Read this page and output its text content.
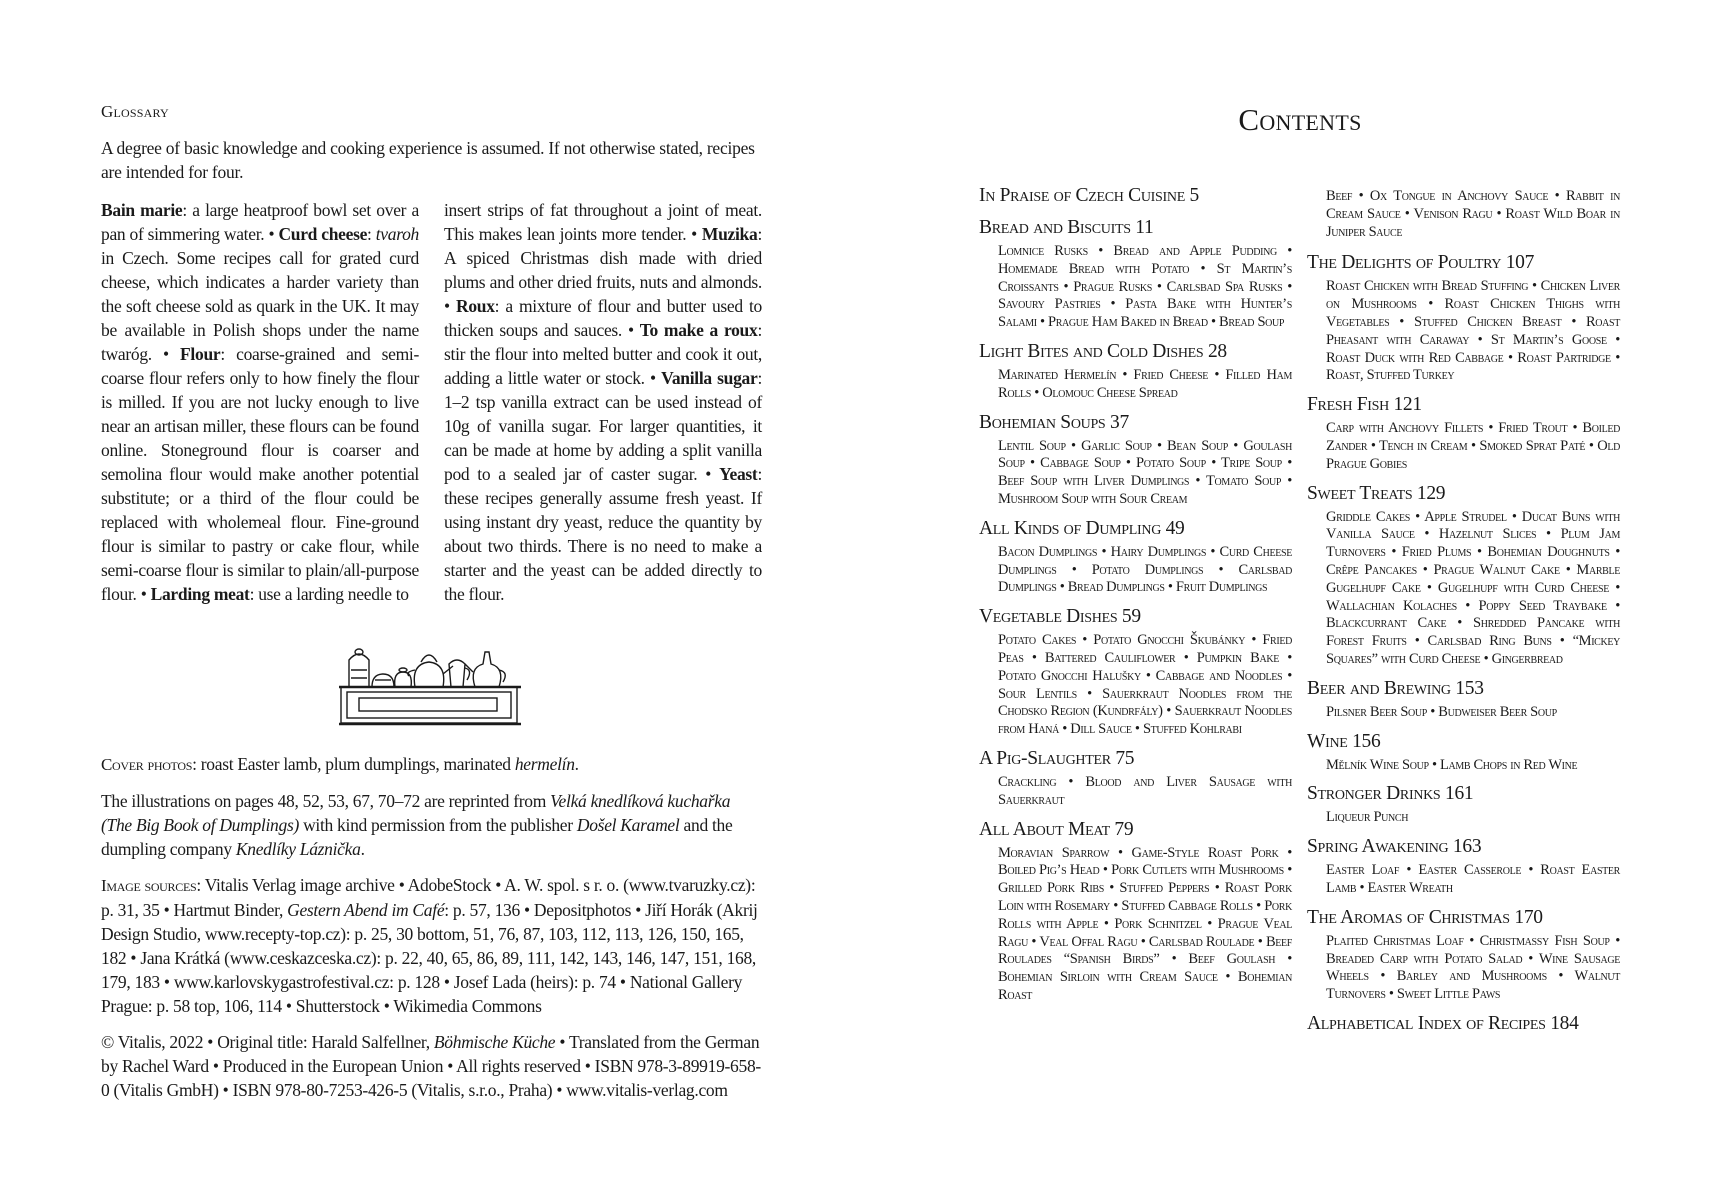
Glossary

A degree of basic knowledge and cooking experience is assumed. If not otherwise stated, recipes are intended for four.

Bain marie: a large heatproof bowl set over a pan of simmering water. • Curd cheese: tvaroh in Czech. Some recipes call for grated curd cheese, which indicates a harder variety than the soft cheese sold as quark in the UK. It may be available in Polish shops under the name twaróg. • Flour: coarse-grained and semi-coarse flour refers only to how finely the flour is milled. If you are not lucky enough to live near an artisan miller, these flours can be found online. Stoneground flour is coarser and semolina flour would make another potential substitute; or a third of the flour could be replaced with wholemeal flour. Fine-ground flour is similar to pastry or cake flour, while semi-coarse flour is similar to plain/all-purpose flour. • Larding meat: use a larding needle to
insert strips of fat throughout a joint of meat. This makes lean joints more tender. • Muzika: A spiced Christmas dish made with dried plums and other dried fruits, nuts and almonds. • Roux: a mixture of flour and butter used to thicken soups and sauces. • To make a roux: stir the flour into melted butter and cook it out, adding a little water or stock. • Vanilla sugar: 1–2 tsp vanilla extract can be used instead of 10g of vanilla sugar. For larger quantities, it can be made at home by adding a split vanilla pod to a sealed jar of caster sugar. • Yeast: these recipes generally assume fresh yeast. If using instant dry yeast, reduce the quantity by about two thirds. There is no need to make a starter and the yeast can be added directly to the flour.

Cover photos: roast Easter lamb, plum dumplings, marinated hermelín.

The illustrations on pages 48, 52, 53, 67, 70–72 are reprinted from Velká knedlíková kuchařka (The Big Book of Dumplings) with kind permission from the publisher Došel Karamel and the dumpling company Knedlíky Láznička.

Image sources: Vitalis Verlag image archive • AdobeStock • A. W. spol. s r. o. (www.tvaruzky.cz): p. 31, 35 • Hartmut Binder, Gestern Abend im Café: p. 57, 136 • Depositphotos • Jiří Horák (Akrij Design Studio, www.recepty-top.cz): p. 25, 30 bottom, 51, 76, 87, 103, 112, 113, 126, 150, 165, 182 • Jana Krátká (www.ceskazceska.cz): p. 22, 40, 65, 86, 89, 111, 142, 143, 146, 147, 151, 168, 179, 183 • www.karlovskygastrofestival.cz: p. 128 • Josef Lada (heirs): p. 74 • National Gallery Prague: p. 58 top, 106, 114 • Shutterstock • Wikimedia Commons

© Vitalis, 2022 • Original title: Harald Salfellner, Böhmische Küche • Translated from the German by Rachel Ward • Produced in the European Union • All rights reserved • ISBN 978-3-89919-658-0 (Vitalis GmbH) • ISBN 978-80-7253-426-5 (Vitalis, s.r.o., Praha) • www.vitalis-verlag.com

Contents
In Praise of Czech Cuisine 5
Bread and Biscuits 11
Lomnice Rusks • Bread and Apple Pudding • Homemade Bread with Potato • St Martin’s Croissants • Prague Rusks • Carlsbad Spa Rusks • Savoury Pastries • Pasta Bake with Hunter’s Salami • Prague Ham Baked in Bread • Bread Soup
Light Bites and Cold Dishes 28
Marinated Hermelín • Fried Cheese • Filled Ham Rolls • Olomouc Cheese Spread
Bohemian Soups 37
Lentil Soup • Garlic Soup • Bean Soup • Goulash Soup • Cabbage Soup • Potato Soup • Tripe Soup • Beef Soup with Liver Dumplings • Tomato Soup • Mushroom Soup with Sour Cream
All Kinds of Dumpling 49
Bacon Dumplings • Hairy Dumplings • Curd Cheese Dumplings • Potato Dumplings • Carlsbad Dumplings • Bread Dumplings • Fruit Dumplings
Vegetable Dishes 59
Potato Cakes • Potato Gnocchi Škubánky • Fried Peas • Battered Cauliflower • Pumpkin Bake • Potato Gnocchi Halušky • Cabbage and Noodles • Sour Lentils • Sauerkraut Noodles from the Chodsko Region (Kundrfály) • Sauerkraut Noodles from Haná • Dill Sauce • Stuffed Kohlrabi
A Pig-Slaughter 75
Crackling • Blood and Liver Sausage with Sauerkraut
All About Meat 79
Moravian Sparrow • Game-Style Roast Pork • Boiled Pig’s Head • Pork Cutlets with Mushrooms • Grilled Pork Ribs • Stuffed Peppers • Roast Pork Loin with Rosemary • Stuffed Cabbage Rolls • Pork Rolls with Apple • Pork Schnitzel • Prague Veal Ragu • Veal Offal Ragu • Carlsbad Roulade • Beef Roulades “Spanish Birds” • Beef Goulash • Bohemian Sirloin with Cream Sauce • Bohemian Roast
Beef • Ox Tongue in Anchovy Sauce • Rabbit in Cream Sauce • Venison Ragu • Roast Wild Boar in Juniper Sauce
The Delights of Poultry 107
Roast Chicken with Bread Stuffing • Chicken Liver on Mushrooms • Roast Chicken Thighs with Vegetables • Stuffed Chicken Breast • Roast Pheasant with Caraway • St Martin’s Goose • Roast Duck with Red Cabbage • Roast Partridge • Roast, Stuffed Turkey
Fresh Fish 121
Carp with Anchovy Fillets • Fried Trout • Boiled Zander • Tench in Cream • Smoked Sprat Paté • Old Prague Gobies
Sweet Treats 129
Griddle Cakes • Apple Strudel • Ducat Buns with Vanilla Sauce • Hazelnut Slices • Plum Jam Turnovers • Fried Plums • Bohemian Doughnuts • Crêpe Pancakes • Prague Walnut Cake • Marble Gugelhupf Cake • Gugelhupf with Curd Cheese • Wallachian Kolaches • Poppy Seed Traybake • Blackcurrant Cake • Shredded Pancake with Forest Fruits • Carlsbad Ring Buns • “Mickey Squares” with Curd Cheese • Gingerbread
Beer and Brewing 153
Pilsner Beer Soup • Budweiser Beer Soup
Wine 156
Mělník Wine Soup • Lamb Chops in Red Wine
Stronger Drinks 161
Liqueur Punch
Spring Awakening 163
Easter Loaf • Easter Casserole • Roast Easter Lamb • Easter Wreath
The Aromas of Christmas 170
Plaited Christmas Loaf • Christmassy Fish Soup • Breaded Carp with Potato Salad • Wine Sausage Wheels • Barley and Mushrooms • Walnut Turnovers • Sweet Little Paws
Alphabetical Index of Recipes 184
